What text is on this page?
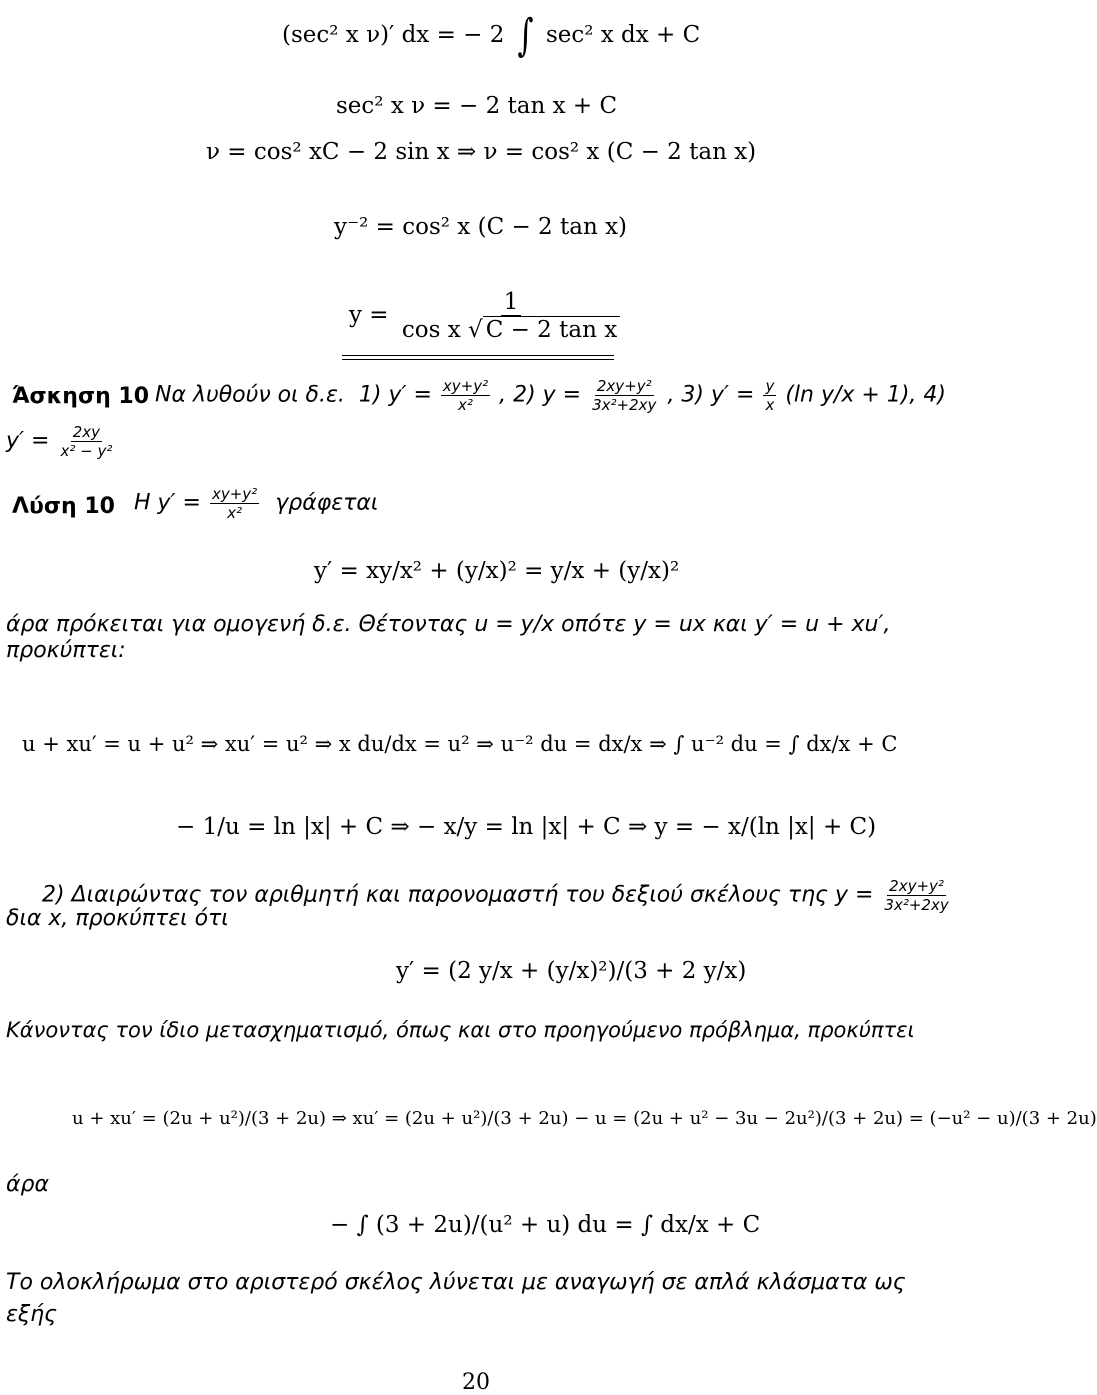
(sec² x ν)′ dx = − 2 ∫ sec² x dx + C
sec² x ν = − 2 tan x + C
ν = cos² xC − 2 sin x ⇒ ν = cos² x (C − 2 tan x)
y⁻² = cos² x (C − 2 tan x)
$y = \frac{1}{\text{cos x √ C − 2 tan x}}$
Άσκηση 10 Να λυθούν οι δ.ε. 1) $y' = \frac{\text{xy+y²}}{\text{x²}}$ , 2) $y = \frac{\text{2xy+y²}}{\text{3x²+2xy}}$ , 3) $y' = \frac{y}{x} (\ln$ y/x + 1), 4)
$y' = \frac{2xy}{\text{x² − y²}}$
Λύση 10 Η $y' = \frac{\text{xy+y²}}{\text{x²}}$ γράφεται
y′ = xy/x² + (y/x)² = y/x + (y/x)²
άρα πρόκειται για ομογενή δ.ε. Θέτοντας u = y/x οπότε y = ux και y′ = u + xu′,
προκύπτει:
u + xu′ = u + u² ⇒ xu′ = u² ⇒ x du/dx = u² ⇒ u⁻² du = dx/x ⇒ ∫ u⁻² du = ∫ dx/x + C
− 1/u = ln |x| + C ⇒ − x/y = ln |x| + C ⇒ y = − x/(ln |x| + C)
2) Διαιρώντας τον αριθμητή και παρονομαστή του δεξιού σκέλους της $y = \frac{\text{2xy+y²}}{\text{3x²+2xy}}$
δια x, προκύπτει ότι
y′ = (2 y/x + (y/x)²)/(3 + 2 y/x)
Κάνοντας τον ίδιο μετασχηματισμό, όπως και στο προηγούμενο πρόβλημα, προκύπτει
u + xu′ = (2u + u²)/(3 + 2u) ⇒ xu′ = (2u + u²)/(3 + 2u) − u = (2u + u² − 3u − 2u²)/(3 + 2u) = (−u² − u)/(3 + 2u)
άρα
− ∫ (3 + 2u)/(u² + u) du = ∫ dx/x + C
Το ολοκλήρωμα στο αριστερό σκέλος λύνεται με αναγωγή σε απλά κλάσματα ως
εξής
20
